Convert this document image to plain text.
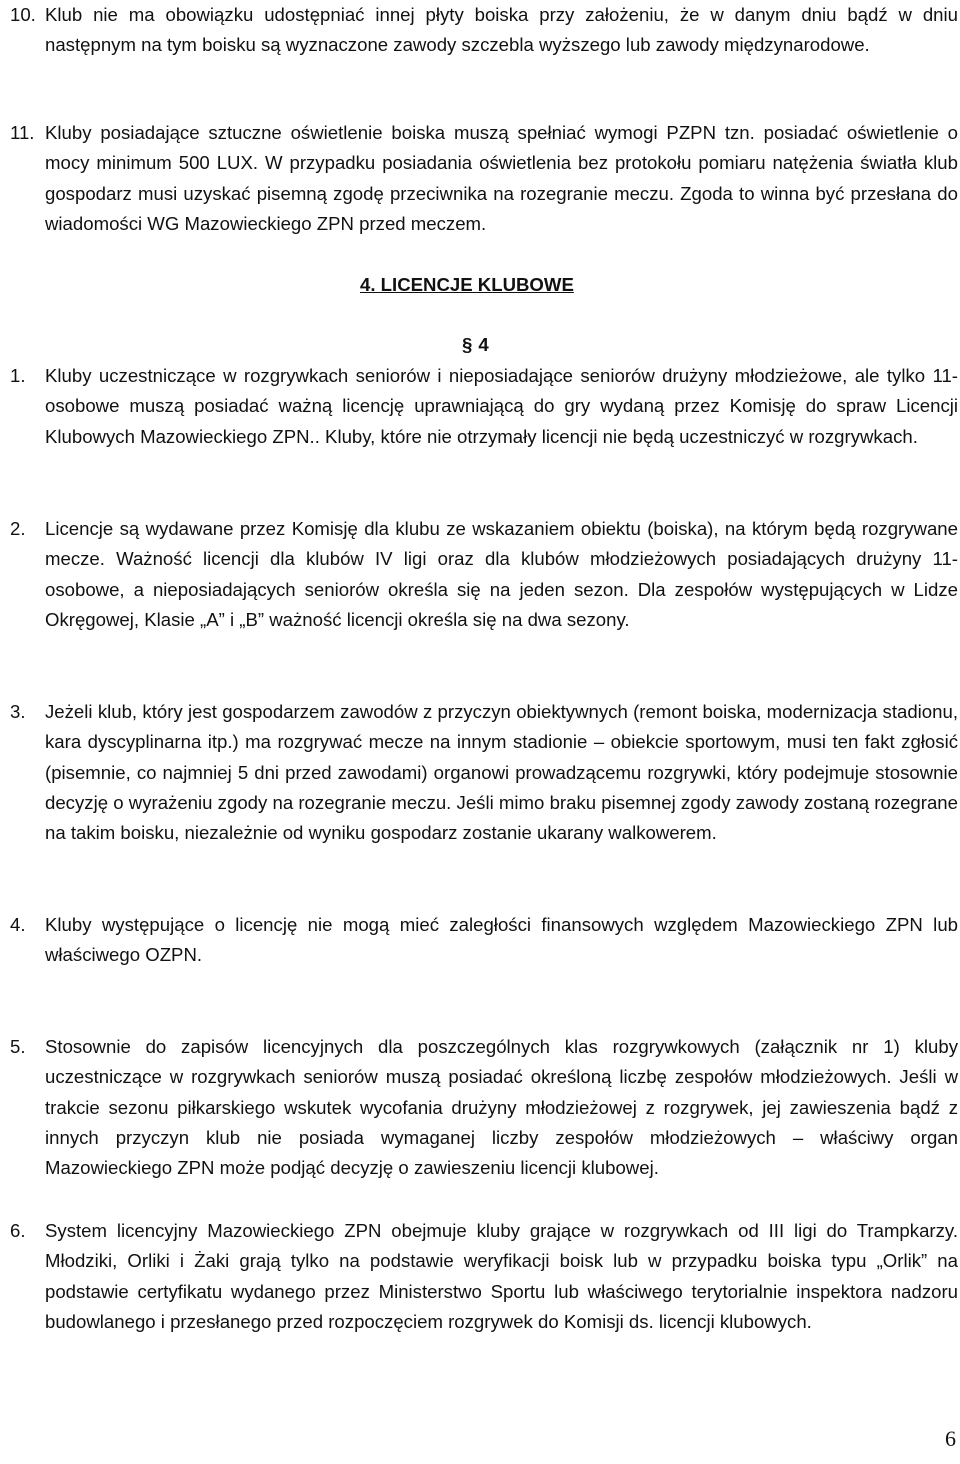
10. Klub nie ma obowiązku udostępniać innej płyty boiska przy założeniu, że w danym dniu bądź w dniu następnym na tym boisku są wyznaczone zawody szczebla wyższego lub zawody międzynarodowe.
11. Kluby posiadające sztuczne oświetlenie boiska muszą spełniać wymogi PZPN tzn. posiadać oświetlenie o mocy minimum 500 LUX. W przypadku posiadania oświetlenia bez protokołu pomiaru natężenia światła klub gospodarz musi uzyskać pisemną zgodę przeciwnika na rozegranie meczu. Zgoda to winna być przesłana do wiadomości WG Mazowieckiego ZPN przed meczem.
4. LICENCJE KLUBOWE
§ 4
1.	Kluby uczestniczące w rozgrywkach seniorów i nieposiadające seniorów drużyny młodzieżowe, ale tylko 11-osobowe muszą posiadać ważną licencję uprawniającą do gry wydaną przez Komisję do spraw Licencji Klubowych Mazowieckiego ZPN.. Kluby, które nie otrzymały licencji nie będą uczestniczyć w rozgrywkach.
2.	Licencje są wydawane przez Komisję dla klubu ze wskazaniem obiektu (boiska), na którym będą rozgrywane mecze. Ważność licencji dla klubów IV ligi oraz dla klubów młodzieżowych posiadających drużyny 11-osobowe, a nieposiadających seniorów określa się na jeden sezon. Dla zespołów występujących w Lidze Okręgowej, Klasie „A” i „B” ważność licencji określa się na dwa sezony.
3.	Jeżeli klub, który jest gospodarzem zawodów z przyczyn obiektywnych (remont boiska, modernizacja stadionu, kara dyscyplinarna itp.) ma rozgrywać mecze na innym stadionie – obiekcie sportowym, musi ten fakt zgłosić (pisemnie, co najmniej 5 dni przed zawodami) organowi prowadzącemu rozgrywki, który podejmuje stosownie decyzję o wyrażeniu zgody na rozegranie meczu. Jeśli mimo braku pisemnej zgody zawody zostaną rozegrane na takim boisku, niezależnie od wyniku gospodarz zostanie ukarany walkowerem.
4.	Kluby występujące o licencję nie mogą mieć zaległości finansowych względem Mazowieckiego ZPN lub właściwego OZPN.
5.	Stosownie do zapisów licencyjnych dla poszczególnych klas rozgrywkowych (załącznik nr 1) kluby uczestniczące w rozgrywkach seniorów muszą posiadać określoną liczbę zespołów młodzieżowych. Jeśli w trakcie sezonu piłkarskiego wskutek wycofania drużyny młodzieżowej z rozgrywek, jej zawieszenia bądź z innych przyczyn klub nie posiada wymaganej liczby zespołów młodzieżowych – właściwy organ Mazowieckiego ZPN może podjąć decyzję o zawieszeniu licencji klubowej.
6.	System licencyjny Mazowieckiego ZPN obejmuje kluby grające w rozgrywkach od III ligi do Trampkarzy. Młodziki, Orliki i Żaki grają tylko na podstawie weryfikacji boisk lub w przypadku boiska typu „Orlik” na podstawie certyfikatu wydanego przez Ministerstwo Sportu lub właściwego terytorialnie inspektora nadzoru budowlanego i przesłanego przed rozpoczęciem rozgrywek do Komisji ds. licencji klubowych.
6
